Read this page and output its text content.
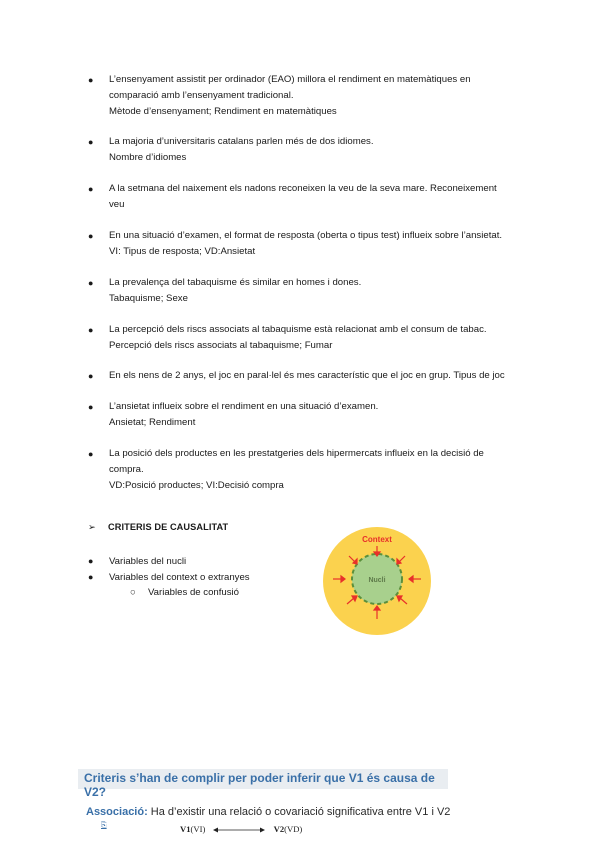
● L’ensenyament assistit per ordinador (EAO) millora el rendiment en matemàtiques en
comparació amb l’ensenyament tradicional.
Mètode d’ensenyament; Rendiment en matemàtiques
● La majoria d’universitaris catalans parlen més de dos idiomes.
Nombre d’idiomes
● A la setmana del naixement els nadons reconeixen la veu de la seva mare. Reconeixement
veu
● En una situació d’examen, el format de resposta (oberta o tipus test) influeix sobre l’ansietat.
VI: Tipus de resposta; VD:Ansietat
● La prevalença del tabaquisme és similar en homes i dones.
Tabaquisme; Sexe
● La percepció dels riscs associats al tabaquisme està relacionat amb el consum de tabac.
Percepció dels riscs associats al tabaquisme; Fumar
● En els nens de 2 anys, el joc en paral·lel és mes característic que el joc en grup. Tipus de joc
● L’ansietat influeix sobre el rendiment en una situació d’examen.
Ansietat; Rendiment
● La posició dels productes en les prestatgeries dels hipermercats influeix en la decisió de
compra.
VD:Posició productes; VI:Decisió compra
➢ CRITERIS DE CAUSALITAT
● Variables del nucli
● Variables del context o extranyes
○ Variables de confusió
Context
Nucli
Criteris s’han de complir per poder inferir que V1 és causa de V2?
Associació: Ha d’existir una relació o covariació significativa entre V1 i V2
⎘	V1(VI)	V2(VD)
